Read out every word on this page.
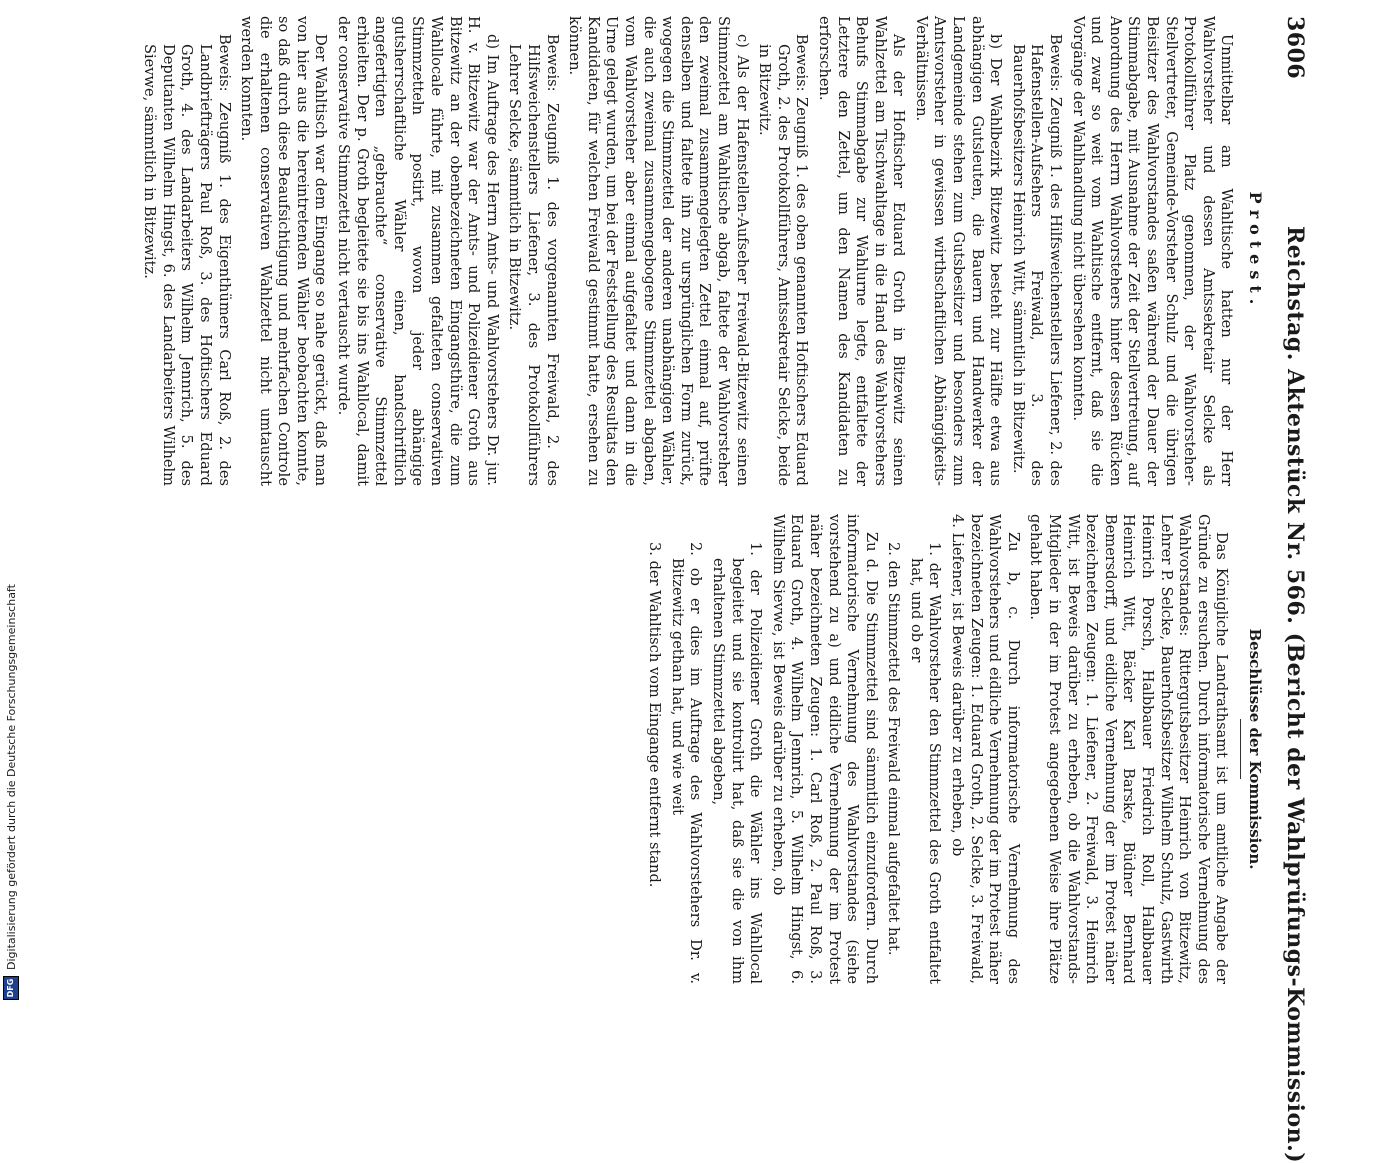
3606
Reichstag. Aktenstück Nr. 566. (Bericht der Wahlprüfungs-Kommission.)

Protest.

Unmittelbar am Wahltische hatten nur der Herr Wahlvorsteher und dessen Amtssekretair Selcke als Protokollführer Platz genommen, der Wahlvorsteher-Stellvertreter, Gemeinde-Vorsteher Schulz und die übrigen Beisitzer des Wahlvorstandes saßen während der Dauer der Stimmabgabe, mit Ausnahme der Zeit der Stellvertretung, auf Anordnung des Herrn Wahlvorstehers hinter dessen Rücken und zwar so weit vom Wahltische entfernt, daß sie die Vorgänge der Wahlhandlung nicht übersehen konnten.

Beweis: Zeugniß 1. des Hilfsweichenstellers Liefener, 2. des Hafenstellen-Aufsehers Freiwald, 3. des Bauerhofsbesitzers Heinrich Witt, sämmtlich in Bitzewitz.

b) Der Wahlbezirk Bitzewitz besteht zur Hälfte etwa aus abhängigen Gutsleuten, die Bauern und Handwerker der Landgemeinde stehen zum Gutsbesitzer und besonders zum Amtsvorsteher in gewissen wirthschaftlichen Abhängigkeits-Verhältnissen.

Als der Hoftischer Eduard Groth in Bitzewitz seinen Wahlzettel am Tischwahltage in die Hand des Wahlvorstehers Behufs Stimmabgabe zur Wahlurne legte, entfaltete der Letztere den Zettel, um den Namen des Kandidaten zu erforschen.

Beweis: Zeugniß 1. des oben genannten Hoftischers Eduard Groth, 2. des Protokollführers, Amtssekretair Selcke, beide in Bitzewitz.

c) Als der Hafenstellen-Aufseher Freiwald-Bitzewitz seinen Stimmzettel am Wahltische abgab, faltete der Wahlvorsteher den zweimal zusammengelegten Zettel einmal auf, prüfte denselben und faltete ihn zur ursprünglichen Form zurück, wogegen die Stimmzettel der anderen unabhängigen Wähler, die auch zweimal zusammengebogene Stimmzettel abgaben, vom Wahlvorsteher aber einmal aufgefaltet und dann in die Urne gelegt wurden, um bei der Feststellung des Resultats den Kandidaten, für welchen Freiwald gestimmt hatte, ersehen zu können.

Beweis: Zeugniß 1. des vorgenannten Freiwald, 2. des Hilfsweichenstellers Liefener, 3. des Protokollführers Lehrer Selcke, sämmtlich in Bitzewitz.

d) Im Auftrage des Herrn Amts- und Wahlvorstehers Dr. jur. H. v. Bitzewitz war der Amts- und Polizeidiener Groth aus Bitzewitz an der obenbezeichneten Eingangsthüre, die zum Wahllocale führte, mit zusammen gefalteten conservativen Stimmzetteln postirt, wovon jeder abhängige gutsherrschaftliche Wähler einen, handschriftlich angefertigten „gebrauchte“ conservative Stimmzettel erhielten. Der p. Groth begleitete sie bis ins Wahllocal, damit der conservative Stimmzettel nicht vertauscht wurde.

Der Wahltisch war dem Eingange so nahe gerückt, daß man von hier aus die hereintretenden Wähler beobachten konnte, so daß durch diese Beaufsichtigung und mehrfachen Controle die erhaltenen conservativen Wahlzettel nicht umtauscht werden konnten.

Beweis: Zeugniß 1. des Eigenthümers Carl Roß, 2. des Landbriefträgers Paul Roß, 3. des Hoftischers Eduard Groth, 4. des Landarbeiters Wilhelm Jennrich, 5. des Deputanten Wilhelm Hingst, 6. des Landarbeiters Wilhelm Sievwe, sämmtlich in Bitzewitz.

Beschlüsse der Kommission.

Das Königliche Landrathsamt ist um amtliche Angabe der Gründe zu ersuchen. Durch informatorische Vernehmung des Wahlvorstandes: Rittergutsbesitzer Heinrich von Bitzewitz, Lehrer P. Selcke, Bauerhofsbesitzer Wilhelm Schulz, Gastwirth Heinrich Porsch, Halbbauer Friedrich Roll, Halbbauer Heinrich Witt, Bäcker Karl Barske, Büdner Bernhard Bemersdorff, und eidliche Vernehmung der im Protest näher bezeichneten Zeugen: 1. Liefener, 2. Freiwald, 3. Heinrich Witt, ist Beweis darüber zu erheben, ob die Wahlvorstands-Mitglieder in der im Protest angegebenen Weise ihre Plätze gehabt haben.

Zu b, c. Durch informatorische Vernehmung des Wahlvorstehers und eidliche Vernehmung der im Protest näher bezeichneten Zeugen: 1. Eduard Groth, 2. Selcke, 3. Freiwald, 4. Liefener, ist Beweis darüber zu erheben, ob

1. der Wahlvorsteher den Stimmzettel des Groth entfaltet hat, und ob er

2. den Stimmzettel des Freiwald einmal aufgefaltet hat.

Zu d. Die Stimmzettel sind sämmtlich einzufordern. Durch informatorische Vernehmung des Wahlvorstandes (siehe vorstehend zu a) und eidliche Vernehmung der im Protest näher bezeichneten Zeugen: 1. Carl Roß, 2. Paul Roß, 3. Eduard Groth, 4. Wilhelm Jennrich, 5. Wilhelm Hingst, 6. Wilhelm Sievwe, ist Beweis darüber zu erheben, ob

1. der Polizeidiener Groth die Wähler ins Wahllocal begleitet und sie kontrolirt hat, daß sie die von ihm erhaltenen Stimmzettel abgeben,

2. ob er dies im Auftrage des Wahlvorstehers Dr. v. Bitzewitz gethan hat, und wie weit

3. der Wahltisch vom Eingange entfernt stand.

DFG
Digitalisierung gefördert durch die Deutsche Forschungsgemeinschaft
